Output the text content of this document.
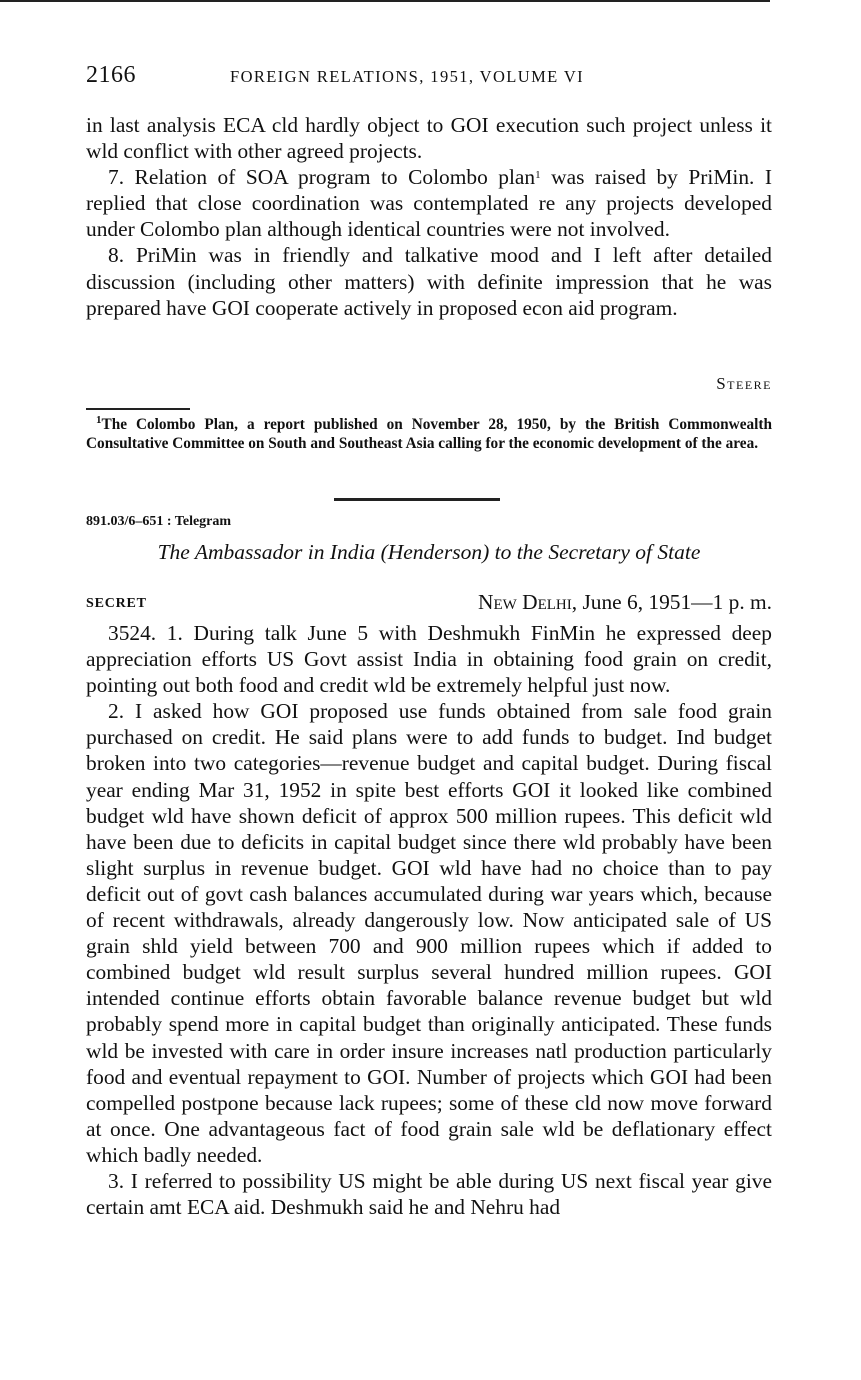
2166	FOREIGN RELATIONS, 1951, VOLUME VI

in last analysis ECA cld hardly object to GOI execution such project unless it wld conflict with other agreed projects.

7. Relation of SOA program to Colombo plan$^1$ was raised by PriMin. I replied that close coordination was contemplated re any projects developed under Colombo plan although identical countries were not involved.

8. PriMin was in friendly and talkative mood and I left after detailed discussion (including other matters) with definite impression that he was prepared have GOI cooperate actively in proposed econ aid program.

Steere
$^1$The Colombo Plan, a report published on November 28, 1950, by the British Commonwealth Consultative Committee on South and Southeast Asia calling for the economic development of the area.
891.03/6–651 : Telegram
The Ambassador in India (Henderson) to the Secretary of State
SECRET	New Delhi, June 6, 1951—1 p. m.

3524. 1. During talk June 5 with Deshmukh FinMin he expressed deep appreciation efforts US Govt assist India in obtaining food grain on credit, pointing out both food and credit wld be extremely helpful just now.

2. I asked how GOI proposed use funds obtained from sale food grain purchased on credit. He said plans were to add funds to budget. Ind budget broken into two categories—revenue budget and capital budget. During fiscal year ending Mar 31, 1952 in spite best efforts GOI it looked like combined budget wld have shown deficit of approx 500 million rupees. This deficit wld have been due to deficits in capital budget since there wld probably have been slight surplus in revenue budget. GOI wld have had no choice than to pay deficit out of govt cash balances accumulated during war years which, because of recent withdrawals, already dangerously low. Now anticipated sale of US grain shld yield between 700 and 900 million rupees which if added to combined budget wld result surplus several hundred million rupees. GOI intended continue efforts obtain favorable balance revenue budget but wld probably spend more in capital budget than originally anticipated. These funds wld be invested with care in order insure increases natl production particularly food and eventual repayment to GOI. Number of projects which GOI had been compelled postpone because lack rupees; some of these cld now move forward at once. One advantageous fact of food grain sale wld be deflationary effect which badly needed.

3. I referred to possibility US might be able during US next fiscal year give certain amt ECA aid. Deshmukh said he and Nehru had
